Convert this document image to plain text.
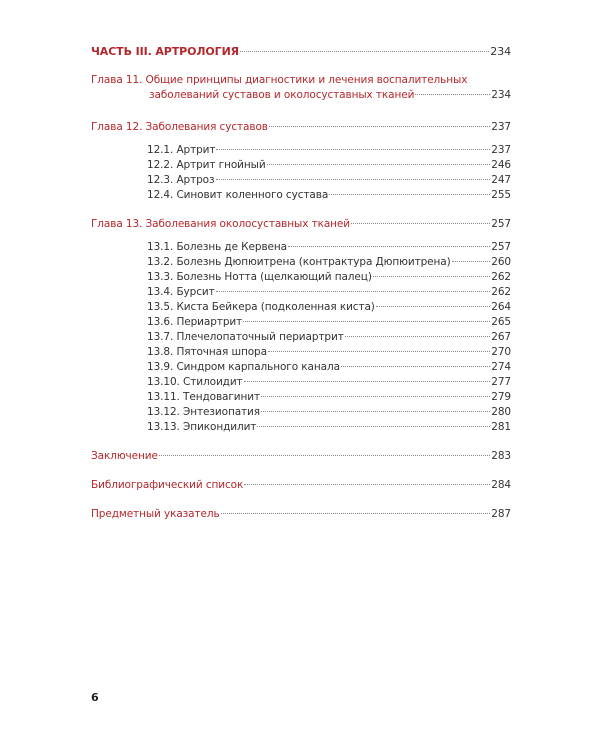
ЧАСТЬ III. АРТРОЛОГИЯ	234
Глава 11. Общие принципы диагностики и лечения воспалительных
заболеваний суставов и околосуставных тканей	234
Глава 12. Заболевания суставов	237
12.1. Артрит	237
12.2. Артрит гнойный	246
12.3. Артроз	247
12.4. Синовит коленного сустава	255
Глава 13. Заболевания околосуставных тканей	257
13.1. Болезнь де Кервена	257
13.2. Болезнь Дюпюитрена (контрактура Дюпюитрена)	260
13.3. Болезнь Нотта (щелкающий палец)	262
13.4. Бурсит	262
13.5. Киста Бейкера (подколенная киста)	264
13.6. Периартрит	265
13.7. Плечелопаточный периартрит	267
13.8. Пяточная шпора	270
13.9. Синдром карпального канала	274
13.10. Стилоидит	277
13.11. Тендовагинит	279
13.12. Энтезиопатия	280
13.13. Эпикондилит	281
Заключение	283
Библиографический список	284
Предметный указатель	287
6
